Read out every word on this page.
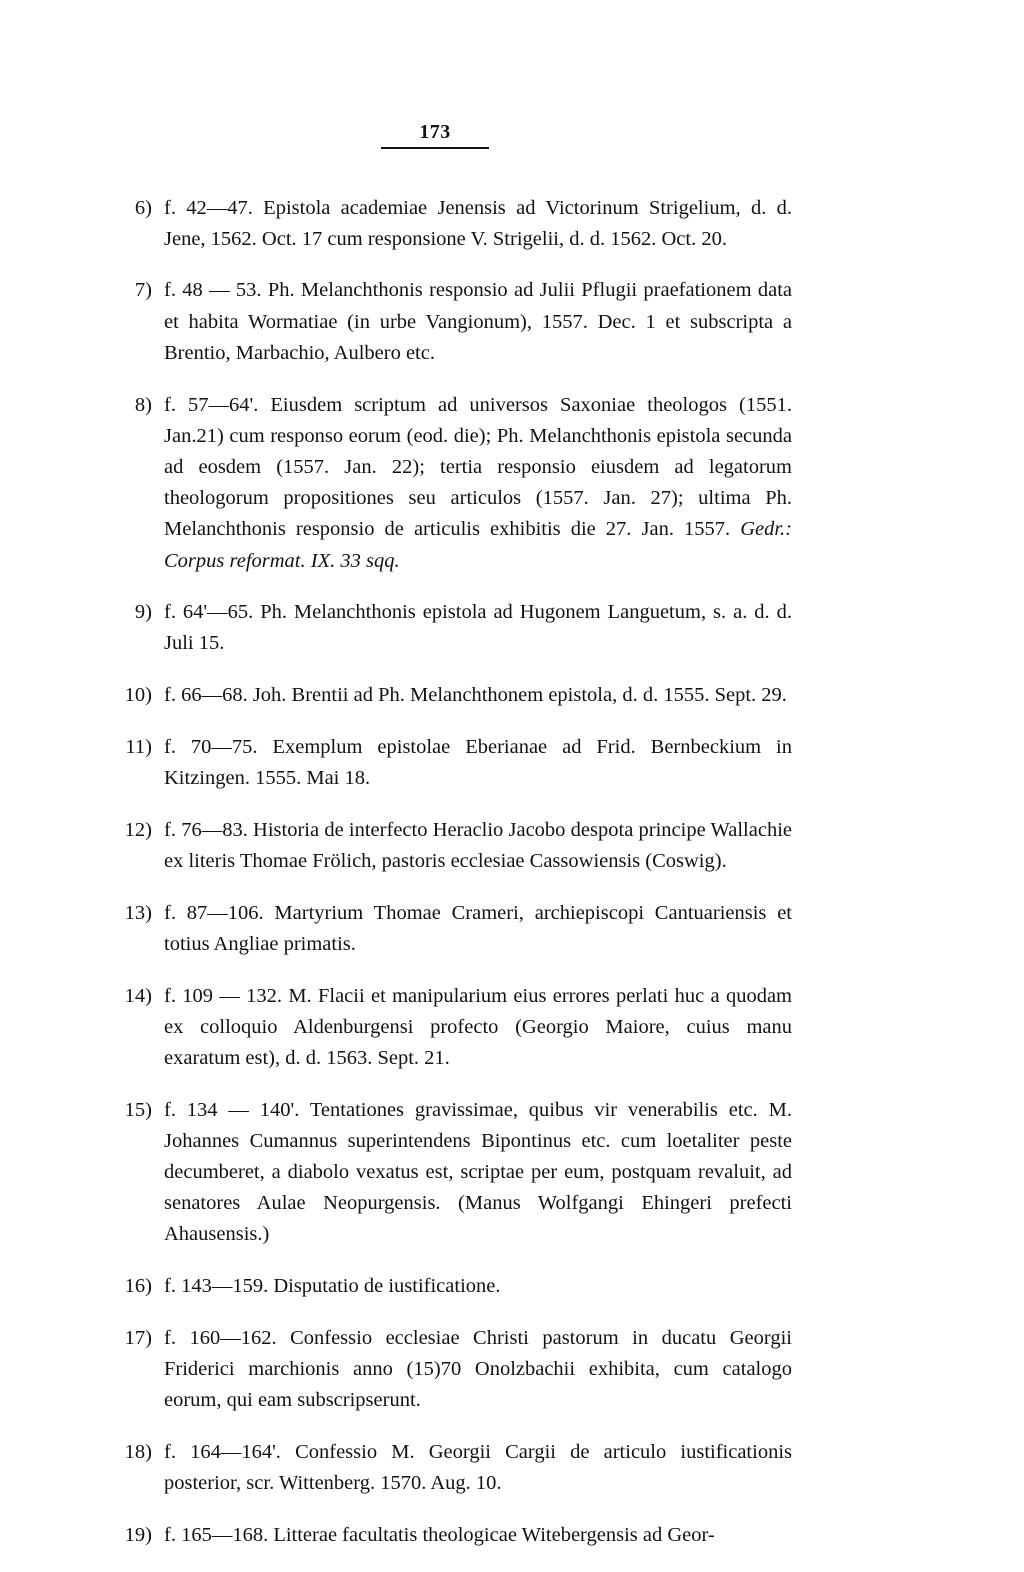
173
6) f. 42—47. Epistola academiae Jenensis ad Victorinum Strigelium, d. d. Jene, 1562. Oct. 17 cum responsione V. Strigelii, d. d. 1562. Oct. 20.

7) f. 48 — 53. Ph. Melanchthonis responsio ad Julii Pflugii praefationem data et habita Wormatiae (in urbe Vangionum), 1557. Dec. 1 et subscripta a Brentio, Marbachio, Aulbero etc.

8) f. 57—64'. Eiusdem scriptum ad universos Saxoniae theologos (1551. Jan.21) cum responso eorum (eod. die); Ph. Melanchthonis epistola secunda ad eosdem (1557. Jan. 22); tertia responsio eiusdem ad legatorum theologorum propositiones seu articulos (1557. Jan. 27); ultima Ph. Melanchthonis responsio de articulis exhibitis die 27. Jan. 1557. Gedr.: Corpus reformat. IX. 33 sqq.

9) f. 64'—65. Ph. Melanchthonis epistola ad Hugonem Languetum, s. a. d. d. Juli 15.

10) f. 66—68. Joh. Brentii ad Ph. Melanchthonem epistola, d. d. 1555. Sept. 29.

11) f. 70—75. Exemplum epistolae Eberianae ad Frid. Bernbeckium in Kitzingen. 1555. Mai 18.

12) f. 76—83. Historia de interfecto Heraclio Jacobo despota principe Wallachie ex literis Thomae Frölich, pastoris ecclesiae Cassowiensis (Coswig).

13) f. 87—106. Martyrium Thomae Crameri, archiepiscopi Cantuariensis et totius Angliae primatis.

14) f. 109 — 132. M. Flacii et manipularium eius errores perlati huc a quodam ex colloquio Aldenburgensi profecto (Georgio Maiore, cuius manu exaratum est), d. d. 1563. Sept. 21.

15) f. 134 — 140'. Tentationes gravissimae, quibus vir venerabilis etc. M. Johannes Cumannus superintendens Bipontinus etc. cum loetaliter peste decumberet, a diabolo vexatus est, scriptae per eum, postquam revaluit, ad senatores Aulae Neopurgensis. (Manus Wolfgangi Ehingeri prefecti Ahausensis.)

16) f. 143—159. Disputatio de iustificatione.

17) f. 160—162. Confessio ecclesiae Christi pastorum in ducatu Georgii Friderici marchionis anno (15)70 Onolzbachii exhibita, cum catalogo eorum, qui eam subscripserunt.

18) f. 164—164'. Confessio M. Georgii Cargii de articulo iustificationis posterior, scr. Wittenberg. 1570. Aug. 10.

19) f. 165—168. Litterae facultatis theologicae Witebergensis ad Geor-
